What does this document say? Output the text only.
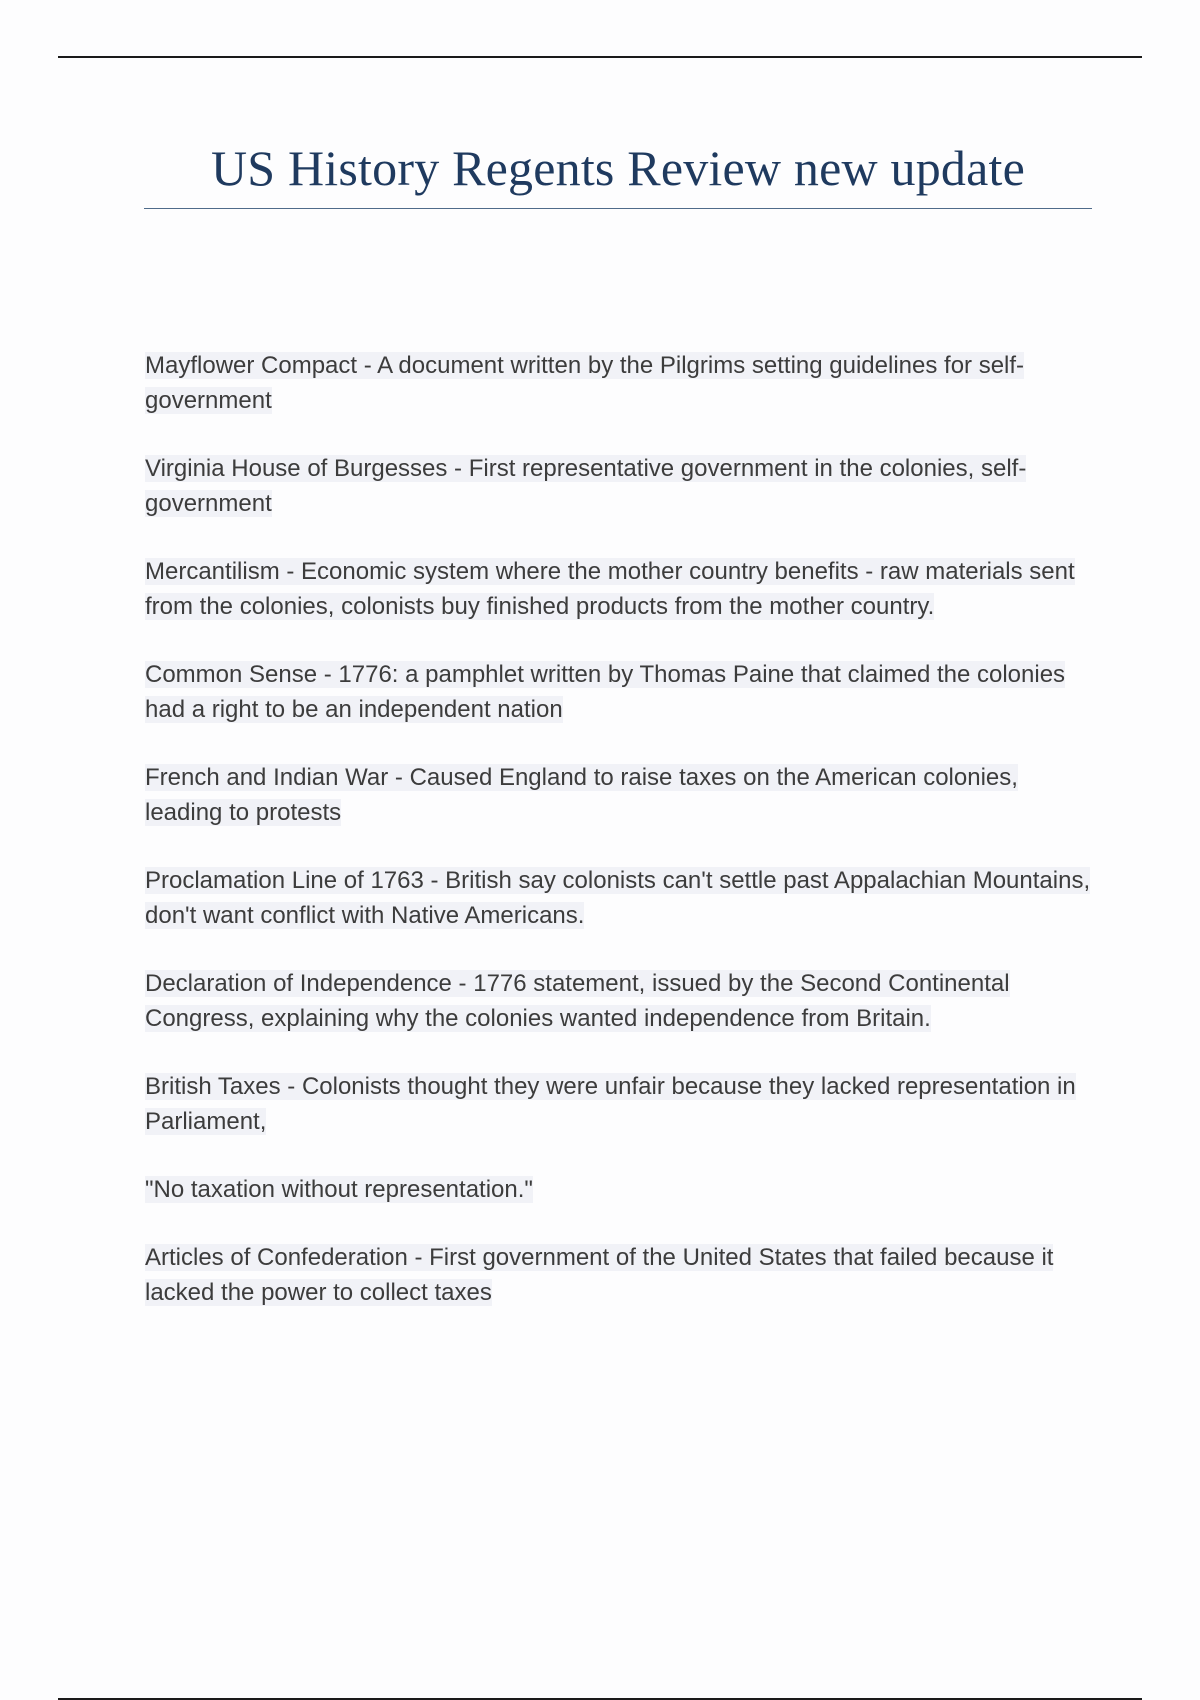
US History Regents Review new update

Mayflower Compact - A document written by the Pilgrims setting guidelines for self-government

Virginia House of Burgesses - First representative government in the colonies, self-government

Mercantilism - Economic system where the mother country benefits - raw materials sent from the colonies, colonists buy finished products from the mother country.

Common Sense - 1776: a pamphlet written by Thomas Paine that claimed the colonies had a right to be an independent nation

French and Indian War - Caused England to raise taxes on the American colonies, leading to protests

Proclamation Line of 1763 - British say colonists can't settle past Appalachian Mountains, don't want conflict with Native Americans.

Declaration of Independence - 1776 statement, issued by the Second Continental Congress, explaining why the colonies wanted independence from Britain.

British Taxes - Colonists thought they were unfair because they lacked representation in Parliament,

"No taxation without representation."

Articles of Confederation - First government of the United States that failed because it lacked the power to collect taxes
